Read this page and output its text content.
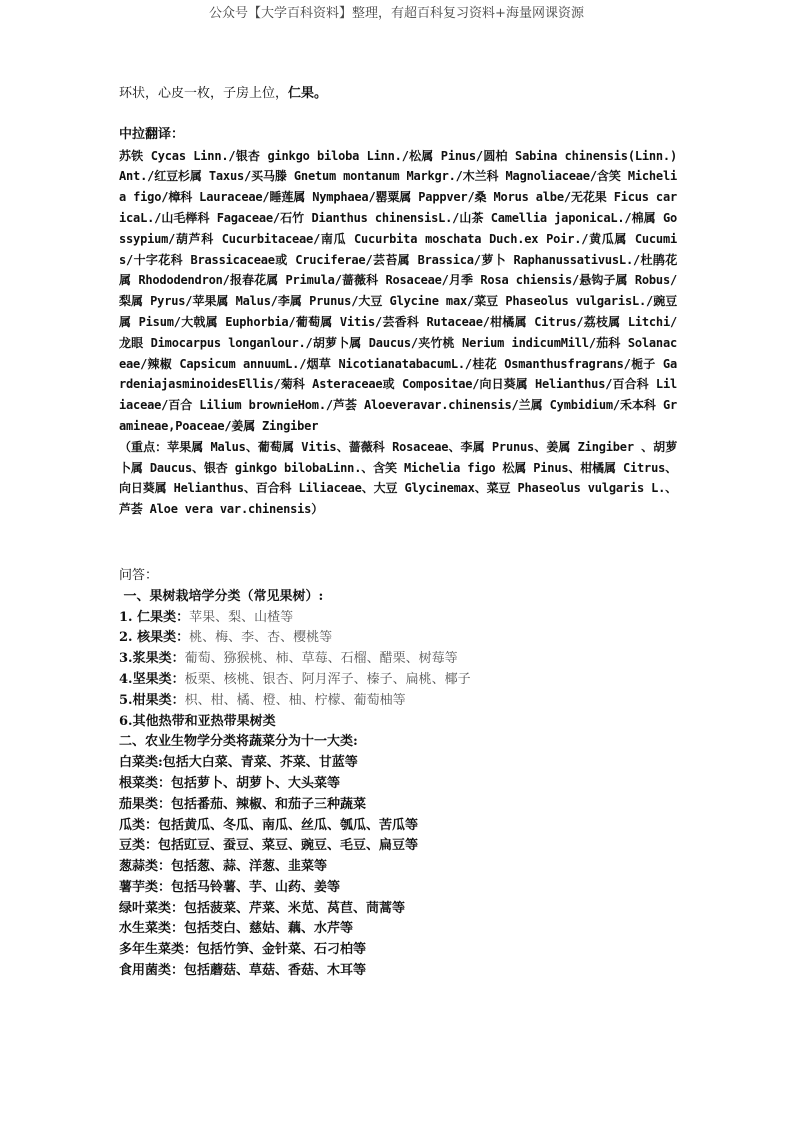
公众号【大学百科资料】整理，有超百科复习资料+海量网课资源

环状，心皮一枚，子房上位，仁果。

中拉翻译：

苏铁 Cycas Linn./银杏 ginkgo biloba Linn./松属 Pinus/圆柏 Sabina chinensis(Linn.)Ant./红豆杉属 Taxus/买马滕 Gnetum montanum Markgr./木兰科 Magnoliaceae/含笑 Michelia figo/樟科 Lauraceae/睡莲属 Nymphaea/罂粟属 Pappver/桑 Morus albe/无花果 Ficus caricaL./山毛榉科 Fagaceae/石竹 Dianthus chinensisL./山茶 Camellia japonicaL./棉属 Gossypium/葫芦科 Cucurbitaceae/南瓜 Cucurbita moschata Duch.ex Poir./黄瓜属 Cucumis/十字花科 Brassicaceae或 Cruciferae/芸苔属 Brassica/萝卜 RaphanussativusL./杜鹃花属 Rhododendron/报春花属 Primula/蔷薇科 Rosaceae/月季 Rosa chiensis/悬钩子属 Robus/梨属 Pyrus/苹果属 Malus/李属 Prunus/大豆 Glycine max/菜豆 Phaseolus vulgarisL./豌豆属 Pisum/大戟属 Euphorbia/葡萄属 Vitis/芸香科 Rutaceae/柑橘属 Citrus/荔枝属 Litchi/龙眼 Dimocarpus longanlour./胡萝卜属 Daucus/夹竹桃 Nerium indicumMill/茄科 Solanaceae/辣椒 Capsicum annuumL./烟草 NicotianatabacumL./桂花 Osmanthusfragrans/栀子 GardeniajasminoidesEllis/菊科 Asteraceae或 Compositae/向日葵属 Helianthus/百合科 Liliaceae/百合 Lilium brownieHom./芦荟 Aloeveravar.chinensis/兰属 Cymbidium/禾本科 Gramineae,Poaceae/姜属 Zingiber

（重点：苹果属 Malus、葡萄属 Vitis、蔷薇科 Rosaceae、李属 Prunus、姜属 Zingiber 、胡萝卜属 Daucus、银杏 ginkgo bilobaLinn.、含笑 Michelia figo 松属 Pinus、柑橘属 Citrus、向日葵属 Helianthus、百合科 Liliaceae、大豆 Glycinemax、菜豆 Phaseolus vulgaris L.、芦荟 Aloe vera var.chinensis）

问答：

一、果树栽培学分类（常见果树）:

1. 仁果类：苹果、梨、山楂等

2. 核果类：桃、梅、李、杏、樱桃等

3.浆果类：葡萄、猕猴桃、柿、草莓、石榴、醋栗、树莓等

4.坚果类：板栗、核桃、银杏、阿月浑子、榛子、扁桃、椰子

5.柑果类：枳、柑、橘、橙、柚、柠檬、葡萄柚等

6.其他热带和亚热带果树类

二、农业生物学分类将蔬菜分为十一大类:

白菜类:包括大白菜、青菜、芥菜、甘蓝等

根菜类：包括萝卜、胡萝卜、大头菜等

茄果类：包括番茄、辣椒、和茄子三种蔬菜

瓜类：包括黄瓜、冬瓜、南瓜、丝瓜、瓠瓜、苦瓜等

豆类：包括豇豆、蚕豆、菜豆、豌豆、毛豆、扁豆等

葱蒜类：包括葱、蒜、洋葱、韭菜等

薯芋类：包括马铃薯、芋、山药、姜等

绿叶菜类：包括菠菜、芹菜、米苋、莴苣、茼蒿等

水生菜类：包括茭白、慈姑、藕、水芹等

多年生菜类：包括竹笋、金针菜、石刁柏等

食用菌类：包括蘑菇、草菇、香菇、木耳等
